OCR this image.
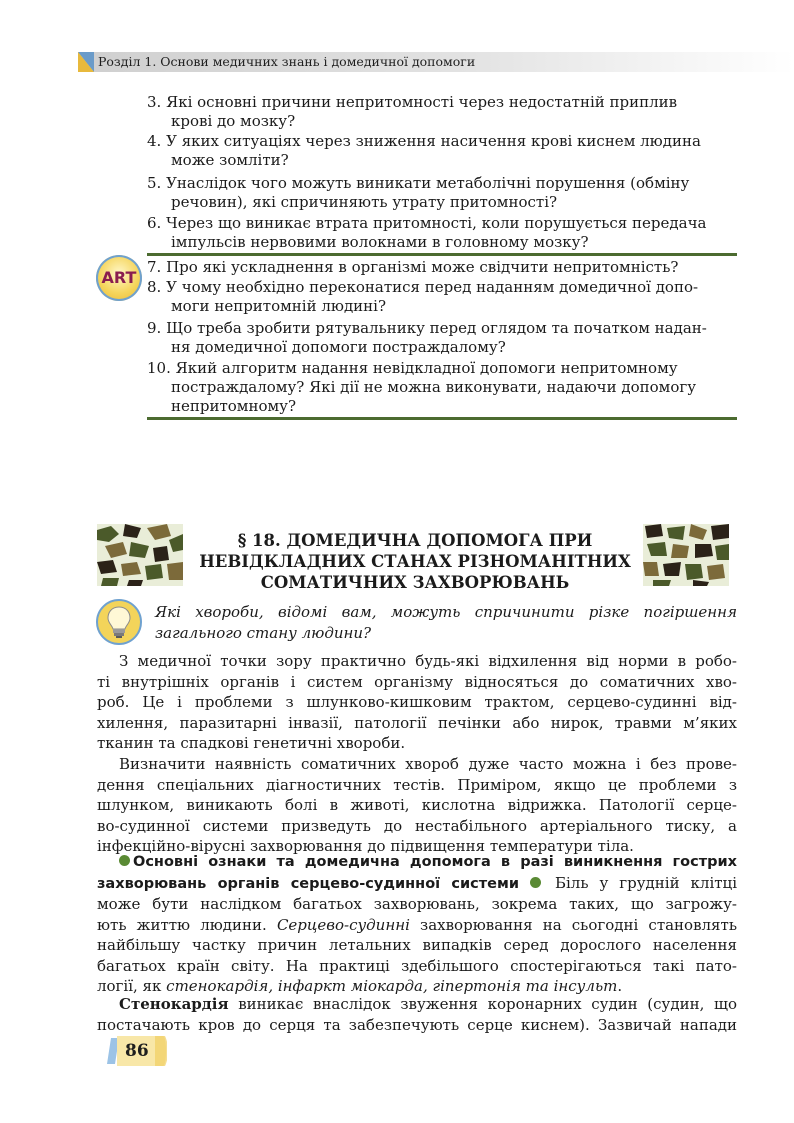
Розділ 1. Основи медичних знань і домедичної допомоги
3. Які основні причини непритомності через недостатній приплив
крові до мозку?
4. У яких ситуаціях через зниження насичення крові киснем людина
може зомліти?
5. Унаслідок чого можуть виникати метаболічні порушення (обміну
речовин), які спричиняють утрату притомності?
6. Через що виникає втрата притомності, коли порушується передача
імпульсів нервовими волокнами в головному мозку?
ART
7. Про які ускладнення в організмі може свідчити непритомність?
8. У чому необхідно переконатися перед наданням домедичної допо-
моги непритомній людині?
9. Що треба зробити рятувальнику перед оглядом та початком надан-
ня домедичної допомоги постраждалому?
10. Який алгоритм надання невідкладної допомоги непритомному
постраждалому? Які дії не можна виконувати, надаючи допомогу
непритомному?
§ 18. ДОМЕДИЧНА ДОПОМОГА ПРИ
НЕВІДКЛАДНИХ СТАНАХ РІЗНОМАНІТНИХ
СОМАТИЧНИХ ЗАХВОРЮВАНЬ

Які хвороби, відомі вам, можуть спричинити різке погіршення загального стану людини?

З медичної точки зору практично будь-які відхилення від норми в робо-
ті внутрішніх органів і систем організму відносяться до соматичних хво-
роб. Це і проблеми з шлунково-кишковим трактом, серцево-судинні від-
хилення, паразитарні інвазії, патології печінки або нирок, травми м’яких
тканин та спадкові генетичні хвороби.
Визначити наявність соматичних хвороб дуже часто можна і без прове-
дення спеціальних діагностичних тестів. Приміром, якщо це проблеми з
шлунком, виникають болі в животі, кислотна відрижка. Патології серце-
во-судинної системи призведуть до нестабільного артеріального тиску, а
інфекційно-вірусні захворювання до підвищення температури тіла.
Основні ознаки та домедична допомога в разі виникнення гострих
захворювань органів серцево-судинної системи Біль у грудній клітці
може бути наслідком багатьох захворювань, зокрема таких, що загрожу-
ють життю людини. Серцево-судинні захворювання на сьогодні становлять
найбільшу частку причин летальних випадків серед дорослого населення
багатьох країн світу. На практиці здебільшого спостерігаються такі пато-
логії, як стенокардія, інфаркт міокарда, гіпертонія та інсульт.
Стенокардія виникає внаслідок звуження коронарних судин (судин, що
постачають кров до серця та забезпечують серце киснем). Зазвичай напади
86
